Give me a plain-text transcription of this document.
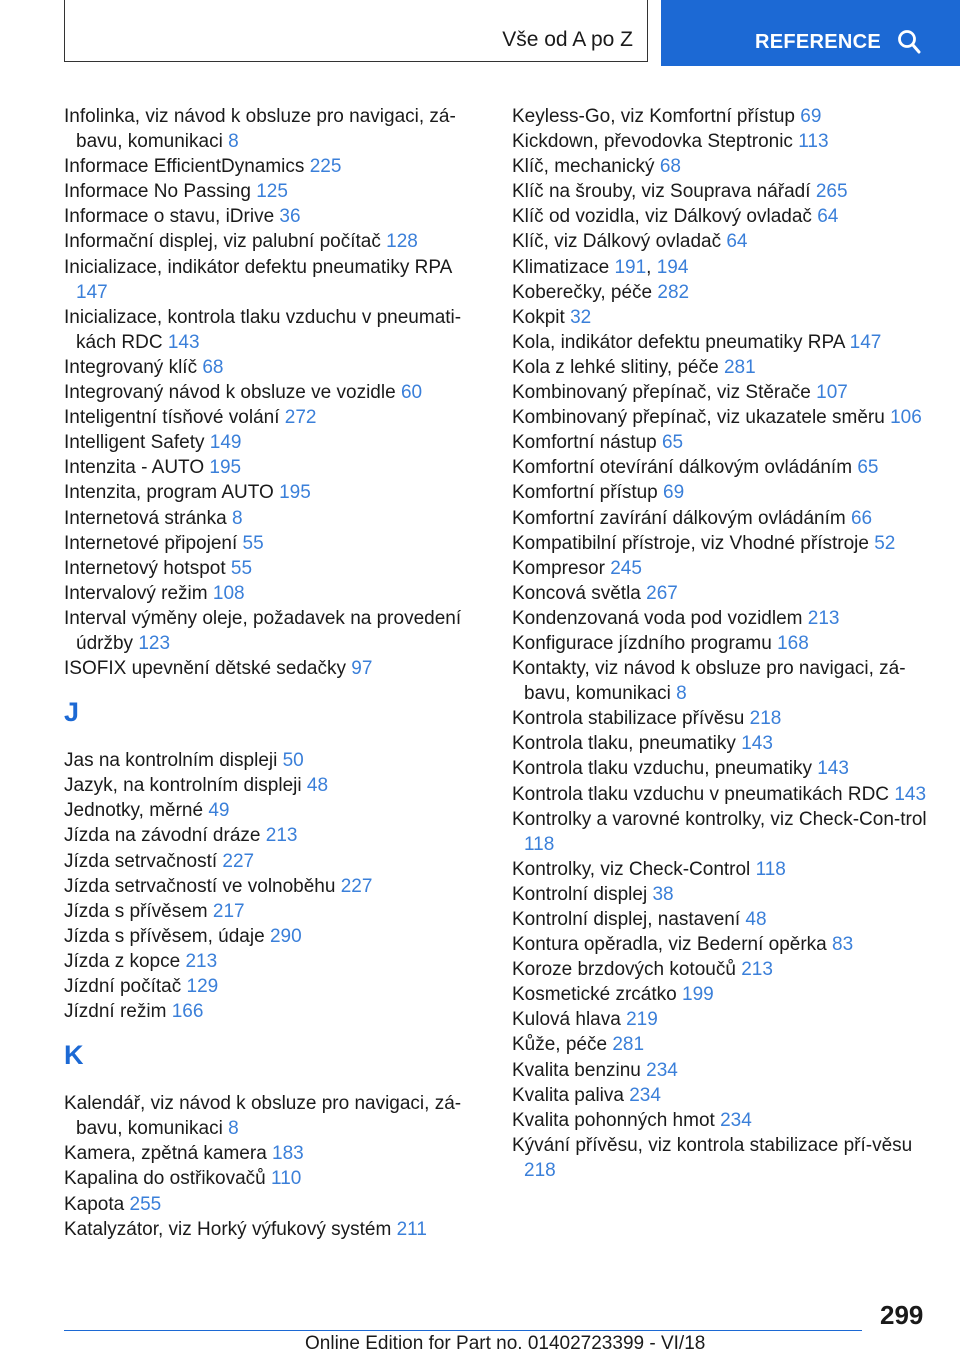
Vše od A po Z	REFERENCE
Infolinka, viz návod k obsluze pro navigaci, zá‐bavu, komunikaci 8
Informace EfficientDynamics 225
Informace No Passing 125
Informace o stavu, iDrive 36
Informační displej, viz palubní počítač 128
Inicializace, indikátor defektu pneumatiky RPA 147
Inicializace, kontrola tlaku vzduchu v pneumati‐kách RDC 143
Integrovaný klíč 68
Integrovaný návod k obsluze ve vozidle 60
Inteligentní tísňové volání 272
Intelligent Safety 149
Intenzita - AUTO 195
Intenzita, program AUTO 195
Internetová stránka 8
Internetové připojení 55
Internetový hotspot 55
Intervalový režim 108
Interval výměny oleje, požadavek na provedení údržby 123
ISOFIX upevnění dětské sedačky 97
J
Jas na kontrolním displeji 50
Jazyk, na kontrolním displeji 48
Jednotky, měrné 49
Jízda na závodní dráze 213
Jízda setrvačností 227
Jízda setrvačností ve volnoběhu 227
Jízda s přívěsem 217
Jízda s přívěsem, údaje 290
Jízda z kopce 213
Jízdní počítač 129
Jízdní režim 166
K
Kalendář, viz návod k obsluze pro navigaci, zá‐bavu, komunikaci 8
Kamera, zpětná kamera 183
Kapalina do ostřikovačů 110
Kapota 255
Katalyzátor, viz Horký výfukový systém 211
Keyless-Go, viz Komfortní přístup 69
Kickdown, převodovka Steptronic 113
Klíč, mechanický 68
Klíč na šrouby, viz Souprava nářadí 265
Klíč od vozidla, viz Dálkový ovladač 64
Klíč, viz Dálkový ovladač 64
Klimatizace 191, 194
Koberečky, péče 282
Kokpit 32
Kola, indikátor defektu pneumatiky RPA 147
Kola z lehké slitiny, péče 281
Kombinovaný přepínač, viz Stěrače 107
Kombinovaný přepínač, viz ukazatele směru 106
Komfortní nástup 65
Komfortní otevírání dálkovým ovládáním 65
Komfortní přístup 69
Komfortní zavírání dálkovým ovládáním 66
Kompatibilní přístroje, viz Vhodné přístroje 52
Kompresor 245
Koncová světla 267
Kondenzovaná voda pod vozidlem 213
Konfigurace jízdního programu 168
Kontakty, viz návod k obsluze pro navigaci, zá‐bavu, komunikaci 8
Kontrola stabilizace přívěsu 218
Kontrola tlaku, pneumatiky 143
Kontrola tlaku vzduchu, pneumatiky 143
Kontrola tlaku vzduchu v pneumatikách RDC 143
Kontrolky a varovné kontrolky, viz Check-Con‐trol 118
Kontrolky, viz Check-Control 118
Kontrolní displej 38
Kontrolní displej, nastavení 48
Kontura opěradla, viz Bederní opěrka 83
Koroze brzdových kotoučů 213
Kosmetické zrcátko 199
Kulová hlava 219
Kůže, péče 281
Kvalita benzinu 234
Kvalita paliva 234
Kvalita pohonných hmot 234
Kývání přívěsu, viz kontrola stabilizace pří‐věsu 218
299
Online Edition for Part no. 01402723399 - VI/18
